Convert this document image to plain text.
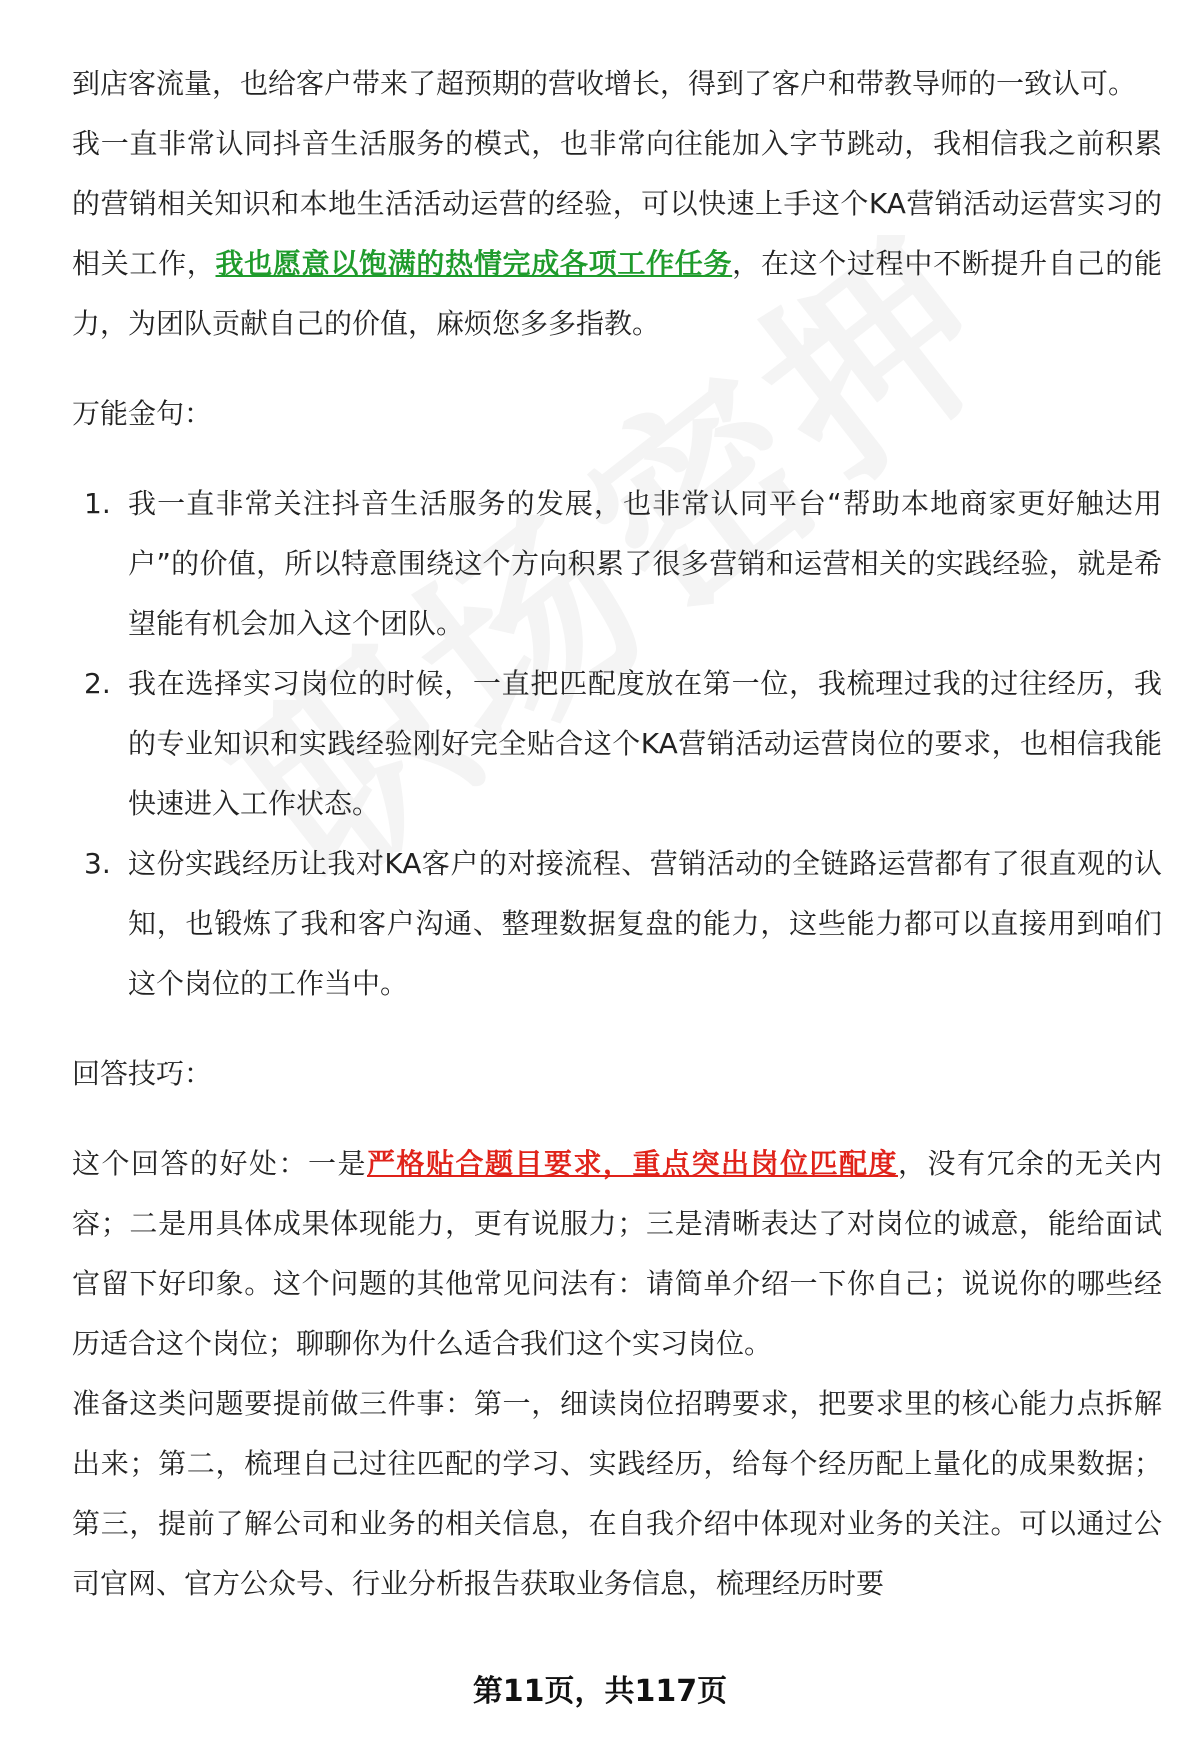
到店客流量，也给客户带来了超预期的营收增长，得到了客户和带教导师的一致认可。

我一直非常认同抖音生活服务的模式，也非常向往能加入字节跳动，我相信我之前积累的营销相关知识和本地生活活动运营的经验，可以快速上手这个KA营销活动运营实习的相关工作，我也愿意以饱满的热情完成各项工作任务，在这个过程中不断提升自己的能力，为团队贡献自己的价值，麻烦您多多指教。

万能金句：

1. 我一直非常关注抖音生活服务的发展，也非常认同平台“帮助本地商家更好触达用户”的价值，所以特意围绕这个方向积累了很多营销和运营相关的实践经验，就是希望能有机会加入这个团队。
2. 我在选择实习岗位的时候，一直把匹配度放在第一位，我梳理过我的过往经历，我的专业知识和实践经验刚好完全贴合这个KA营销活动运营岗位的要求，也相信我能快速进入工作状态。
3. 这份实践经历让我对KA客户的对接流程、营销活动的全链路运营都有了很直观的认知，也锻炼了我和客户沟通、整理数据复盘的能力，这些能力都可以直接用到咱们这个岗位的工作当中。

回答技巧：

这个回答的好处：一是严格贴合题目要求，重点突出岗位匹配度，没有冗余的无关内容；二是用具体成果体现能力，更有说服力；三是清晰表达了对岗位的诚意，能给面试官留下好印象。这个问题的其他常见问法有：请简单介绍一下你自己；说说你的哪些经历适合这个岗位；聊聊你为什么适合我们这个实习岗位。

准备这类问题要提前做三件事：第一，细读岗位招聘要求，把要求里的核心能力点拆解出来；第二，梳理自己过往匹配的学习、实践经历，给每个经历配上量化的成果数据；第三，提前了解公司和业务的相关信息，在自我介绍中体现对业务的关注。可以通过公司官网、官方公众号、行业分析报告获取业务信息，梳理经历时要

第11页，共117页
